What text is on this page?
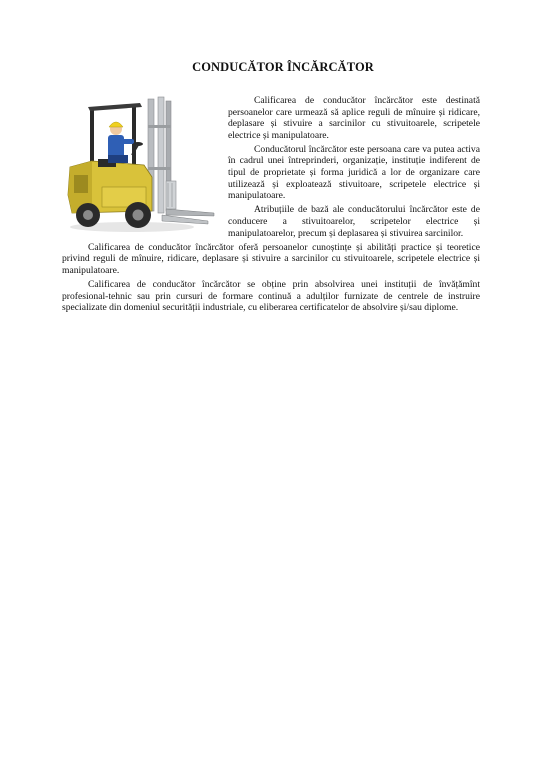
CONDUCĂTOR ÎNCĂRCĂTOR

Calificarea de conducător încărcător este destinată persoanelor care urmează să aplice reguli de mînuire și ridicare, deplasare și stivuire a sarcinilor cu stivuitoarele, scripetele electrice și manipulatoare.

Conducătorul încărcător este persoana care va putea activa în cadrul unei întreprinderi, organizație, instituție indiferent de tipul de proprietate și forma juridică a lor de organizare care utilizează și exploatează stivuitoare, scripetele electrice și manipulatoare.

Atribuțiile de bază ale conducătorului încărcător este de conducere a stivuitoarelor, scripetelor electrice și manipulatoarelor, precum și deplasarea și stivuirea sarcinilor.

Calificarea de conducător încărcător oferă persoanelor cunoștințe și abilități practice și teoretice privind reguli de mînuire, ridicare, deplasare și stivuire a sarcinilor cu stivuitoarele, scripetele electrice și manipulatoare.

Calificarea de conducător încărcător se obține prin absolvirea unei instituții de învățămînt profesional-tehnic sau prin cursuri de formare continuă a adulților furnizate de centrele de instruire specializate din domeniul securității industriale, cu eliberarea certificatelor de absolvire și/sau diplome.
